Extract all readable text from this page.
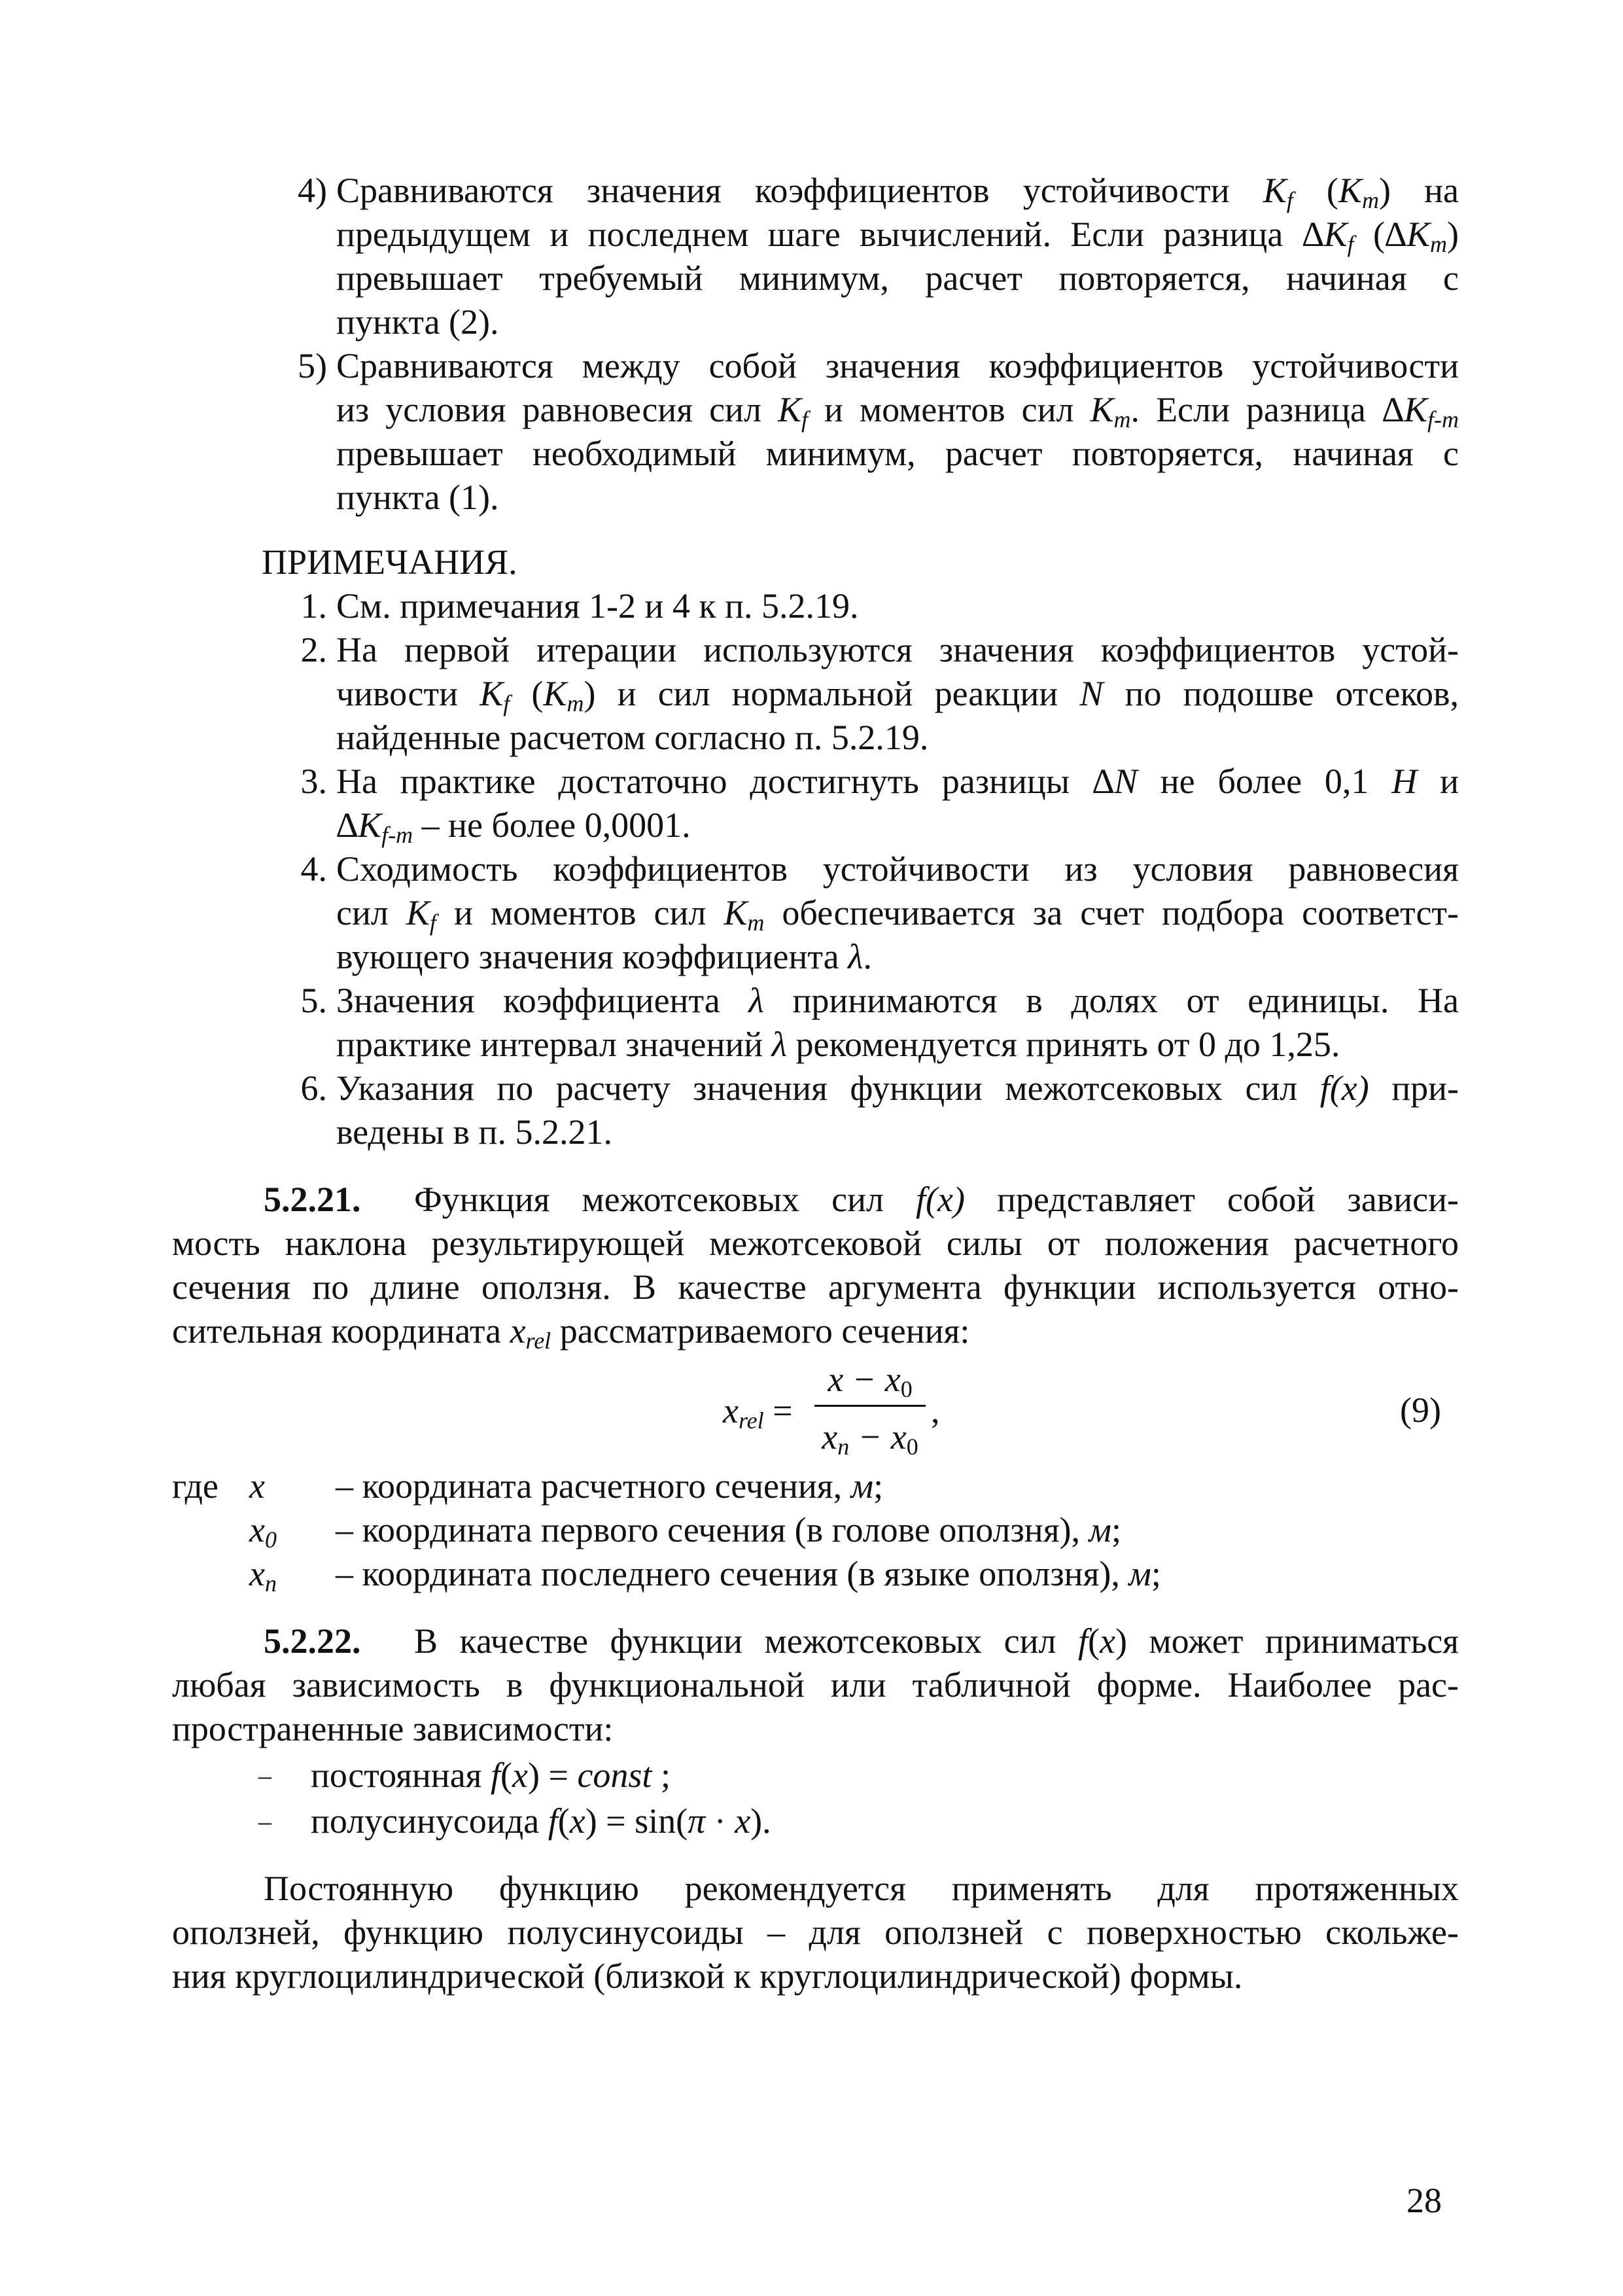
4) Сравниваются значения коэффициентов устойчивости $K_f$ $(K_m)$ на
предыдущем и последнем шаге вычислений. Если разница $\Delta K_f$ $(\Delta K_m)$
превышает требуемый минимум, расчет повторяется, начиная с
пункта (2).
5) Сравниваются между собой значения коэффициентов устойчивости
из условия равновесия сил $K_f$ и моментов сил $K_m$. Если разница $\Delta K_{f-m}$
превышает необходимый минимум, расчет повторяется, начиная с
пункта (1).
ПРИМЕЧАНИЯ.
1. См. примечания 1-2 и 4 к п. 5.2.19.
2. На первой итерации используются значения коэффициентов устой-
чивости $K_f$ $(K_m)$ и сил нормальной реакции N по подошве отсеков,
найденные расчетом согласно п. 5.2.19.
3. На практике достаточно достигнуть разницы ∆N не более 0,1 H и
$\Delta K_{f-m}$ – не более 0,0001.
4. Сходимость коэффициентов устойчивости из условия равновесия
сил $K_f$ и моментов сил $K_m$ обеспечивается за счет подбора соответст-
вующего значения коэффициента λ.
5. Значения коэффициента λ принимаются в долях от единицы. На
практике интервал значений λ рекомендуется принять от 0 до 1,25.
6. Указания по расчету значения функции межотсековых сил f(x) при-
ведены в п. 5.2.21.
5.2.21.	Функция межотсековых сил f(x) представляет собой зависи-
мость наклона результирующей межотсековой силы от положения расчетного
сечения по длине оползня. В качестве аргумента функции используется отно-
сительная координата $x_{rel}$ рассматриваемого сечения:
$x_{rel}$ =
$x - x_0$
$x_n - x_0$
,	(9)
где x – координата расчетного сечения, м;
$x_0$ – координата первого сечения (в голове оползня), м;
$x_n$ – координата последнего сечения (в языке оползня), м;
5.2.22.	В качестве функции межотсековых сил f(x) может приниматься
любая зависимость в функциональной или табличной форме. Наиболее рас-
пространенные зависимости:
– постоянная f(x) = const ;
– полусинусоида f(x) = sin(π · x).
Постоянную функцию рекомендуется применять для протяженных
оползней, функцию полусинусоиды – для оползней с поверхностью скольже-
ния круглоцилиндрической (близкой к круглоцилиндрической) формы.
28
